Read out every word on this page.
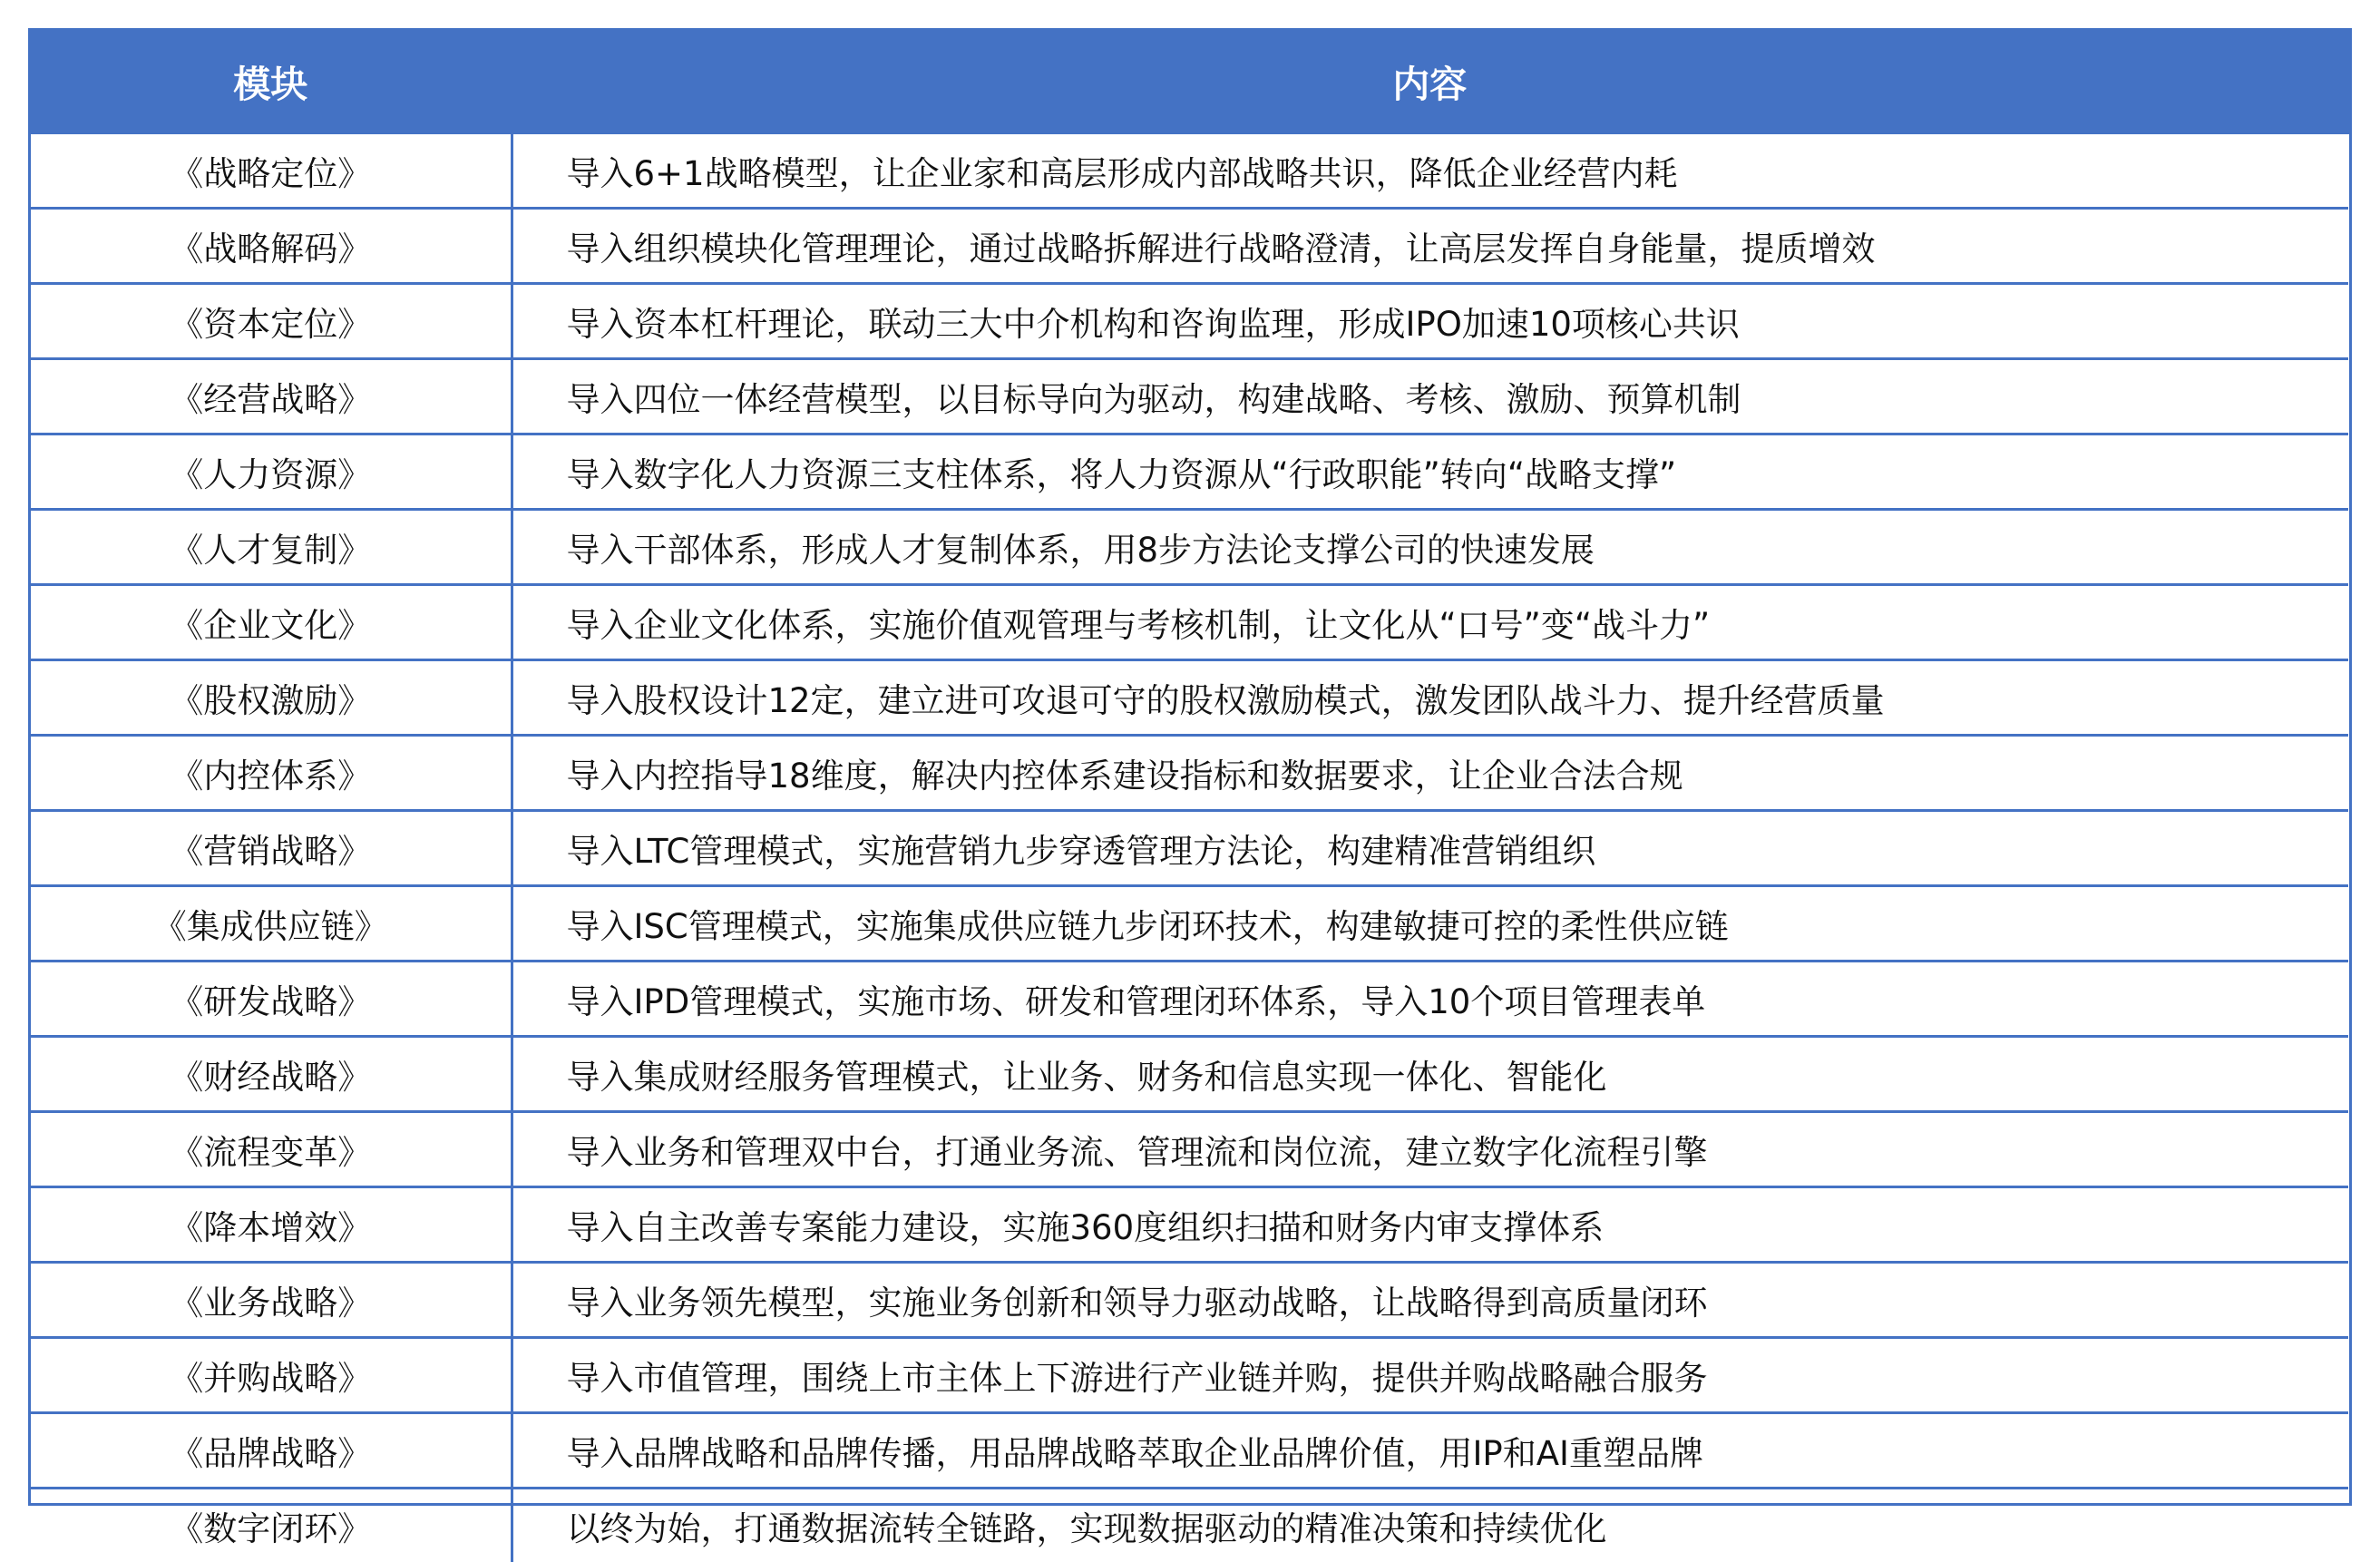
模块	内容
《战略定位》	导入6+1战略模型，让企业家和高层形成内部战略共识，降低企业经营内耗
《战略解码》	导入组织模块化管理理论，通过战略拆解进行战略澄清，让高层发挥自身能量，提质增效
《资本定位》	导入资本杠杆理论，联动三大中介机构和咨询监理，形成IPO加速10项核心共识
《经营战略》	导入四位一体经营模型，以目标导向为驱动，构建战略、考核、激励、预算机制
《人力资源》	导入数字化人力资源三支柱体系，将人力资源从“行政职能”转向“战略支撑”
《人才复制》	导入干部体系，形成人才复制体系，用8步方法论支撑公司的快速发展
《企业文化》	导入企业文化体系，实施价值观管理与考核机制，让文化从“口号”变“战斗力”
《股权激励》	导入股权设计12定，建立进可攻退可守的股权激励模式，激发团队战斗力、提升经营质量
《内控体系》	导入内控指导18维度，解决内控体系建设指标和数据要求，让企业合法合规
《营销战略》	导入LTC管理模式，实施营销九步穿透管理方法论，构建精准营销组织
《集成供应链》	导入ISC管理模式，实施集成供应链九步闭环技术，构建敏捷可控的柔性供应链
《研发战略》	导入IPD管理模式，实施市场、研发和管理闭环体系，导入10个项目管理表单
《财经战略》	导入集成财经服务管理模式，让业务、财务和信息实现一体化、智能化
《流程变革》	导入业务和管理双中台，打通业务流、管理流和岗位流，建立数字化流程引擎
《降本增效》	导入自主改善专案能力建设，实施360度组织扫描和财务内审支撑体系
《业务战略》	导入业务领先模型，实施业务创新和领导力驱动战略，让战略得到高质量闭环
《并购战略》	导入市值管理，围绕上市主体上下游进行产业链并购，提供并购战略融合服务
《品牌战略》	导入品牌战略和品牌传播，用品牌战略萃取企业品牌价值，用IP和AI重塑品牌
《数字闭环》	以终为始，打通数据流转全链路，实现数据驱动的精准决策和持续优化
